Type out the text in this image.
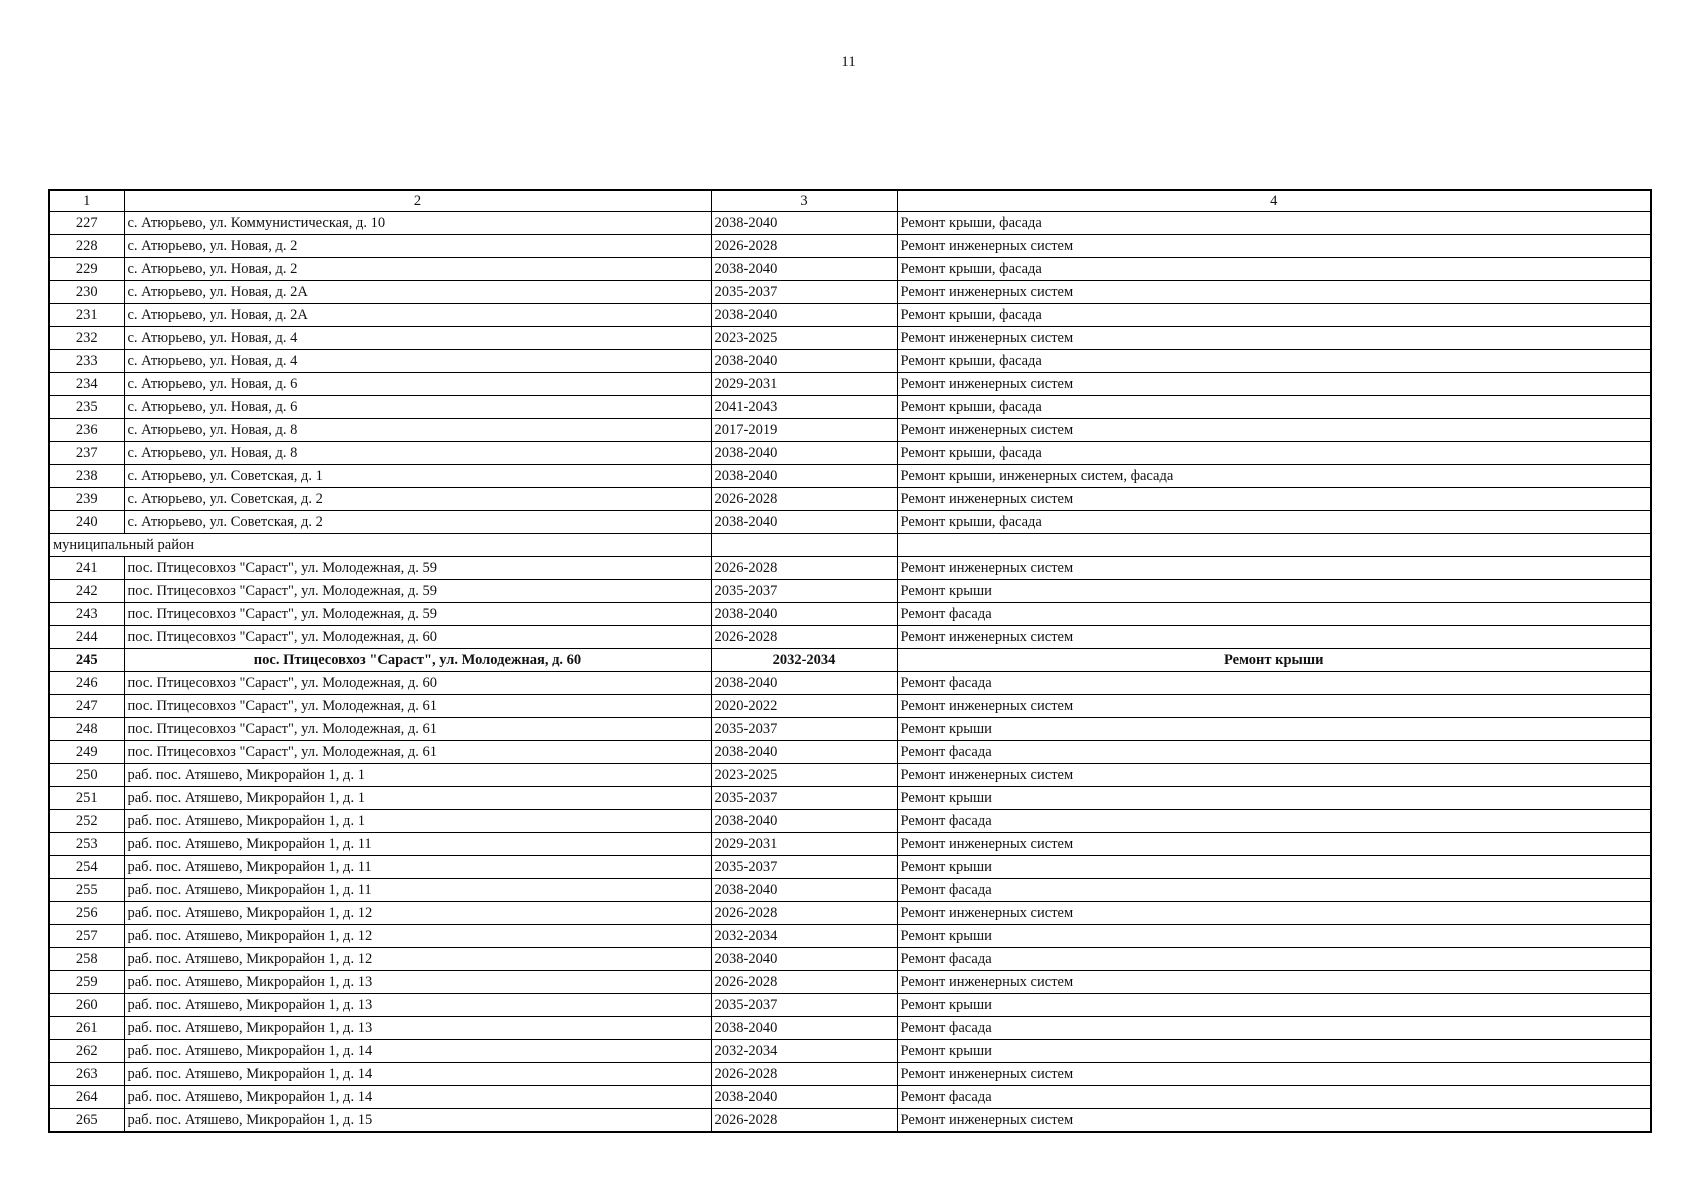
11
1	2	3	4
227	с. Атюрьево, ул. Коммунистическая, д. 10	2038-2040	Ремонт крыши, фасада
228	с. Атюрьево, ул. Новая, д. 2	2026-2028	Ремонт инженерных систем
229	с. Атюрьево, ул. Новая, д. 2	2038-2040	Ремонт крыши, фасада
230	с. Атюрьево, ул. Новая, д. 2А	2035-2037	Ремонт инженерных систем
231	с. Атюрьево, ул. Новая, д. 2А	2038-2040	Ремонт крыши, фасада
232	с. Атюрьево, ул. Новая, д. 4	2023-2025	Ремонт инженерных систем
233	с. Атюрьево, ул. Новая, д. 4	2038-2040	Ремонт крыши, фасада
234	с. Атюрьево, ул. Новая, д. 6	2029-2031	Ремонт инженерных систем
235	с. Атюрьево, ул. Новая, д. 6	2041-2043	Ремонт крыши, фасада
236	с. Атюрьево, ул. Новая, д. 8	2017-2019	Ремонт инженерных систем
237	с. Атюрьево, ул. Новая, д. 8	2038-2040	Ремонт крыши, фасада
238	с. Атюрьево, ул. Советская, д. 1	2038-2040	Ремонт крыши, инженерных систем, фасада
239	с. Атюрьево, ул. Советская, д. 2	2026-2028	Ремонт инженерных систем
240	с. Атюрьево, ул. Советская, д. 2	2038-2040	Ремонт крыши, фасада
муниципальный район			
241	пос. Птицесовхоз "Сараст", ул. Молодежная, д. 59	2026-2028	Ремонт инженерных систем
242	пос. Птицесовхоз "Сараст", ул. Молодежная, д. 59	2035-2037	Ремонт крыши
243	пос. Птицесовхоз "Сараст", ул. Молодежная, д. 59	2038-2040	Ремонт фасада
244	пос. Птицесовхоз "Сараст", ул. Молодежная, д. 60	2026-2028	Ремонт инженерных систем
245	пос. Птицесовхоз "Сараст", ул. Молодежная, д. 60	2032-2034	Ремонт крыши
246	пос. Птицесовхоз "Сараст", ул. Молодежная, д. 60	2038-2040	Ремонт фасада
247	пос. Птицесовхоз "Сараст", ул. Молодежная, д. 61	2020-2022	Ремонт инженерных систем
248	пос. Птицесовхоз "Сараст", ул. Молодежная, д. 61	2035-2037	Ремонт крыши
249	пос. Птицесовхоз "Сараст", ул. Молодежная, д. 61	2038-2040	Ремонт фасада
250	раб. пос. Атяшево, Микрорайон 1, д. 1	2023-2025	Ремонт инженерных систем
251	раб. пос. Атяшево, Микрорайон 1, д. 1	2035-2037	Ремонт крыши
252	раб. пос. Атяшево, Микрорайон 1, д. 1	2038-2040	Ремонт фасада
253	раб. пос. Атяшево, Микрорайон 1, д. 11	2029-2031	Ремонт инженерных систем
254	раб. пос. Атяшево, Микрорайон 1, д. 11	2035-2037	Ремонт крыши
255	раб. пос. Атяшево, Микрорайон 1, д. 11	2038-2040	Ремонт фасада
256	раб. пос. Атяшево, Микрорайон 1, д. 12	2026-2028	Ремонт инженерных систем
257	раб. пос. Атяшево, Микрорайон 1, д. 12	2032-2034	Ремонт крыши
258	раб. пос. Атяшево, Микрорайон 1, д. 12	2038-2040	Ремонт фасада
259	раб. пос. Атяшево, Микрорайон 1, д. 13	2026-2028	Ремонт инженерных систем
260	раб. пос. Атяшево, Микрорайон 1, д. 13	2035-2037	Ремонт крыши
261	раб. пос. Атяшево, Микрорайон 1, д. 13	2038-2040	Ремонт фасада
262	раб. пос. Атяшево, Микрорайон 1, д. 14	2032-2034	Ремонт крыши
263	раб. пос. Атяшево, Микрорайон 1, д. 14	2026-2028	Ремонт инженерных систем
264	раб. пос. Атяшево, Микрорайон 1, д. 14	2038-2040	Ремонт фасада
265	раб. пос. Атяшево, Микрорайон 1, д. 15	2026-2028	Ремонт инженерных систем
